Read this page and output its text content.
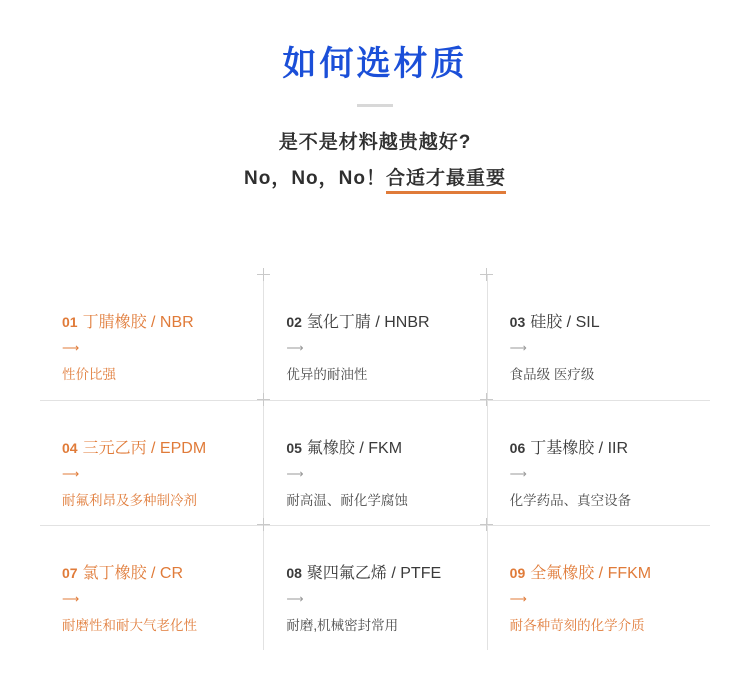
如何选材质
是不是材料越贵越好?
No，No，No！合适才最重要
01 丁腈橡胶 / NBR
⟶
性价比强
02 氢化丁腈 / HNBR
⟶
优异的耐油性
03 硅胶 / SIL
⟶
食品级 医疗级
04 三元乙丙 / EPDM
⟶
耐氟利昂及多种制冷剂
05 氟橡胶 / FKM
⟶
耐高温、耐化学腐蚀
06 丁基橡胶 / IIR
⟶
化学药品、真空设备
07 氯丁橡胶 / CR
⟶
耐磨性和耐大气老化性
08 聚四氟乙烯 / PTFE
⟶
耐磨,机械密封常用
09 全氟橡胶 / FFKM
⟶
耐各种苛刻的化学介质
